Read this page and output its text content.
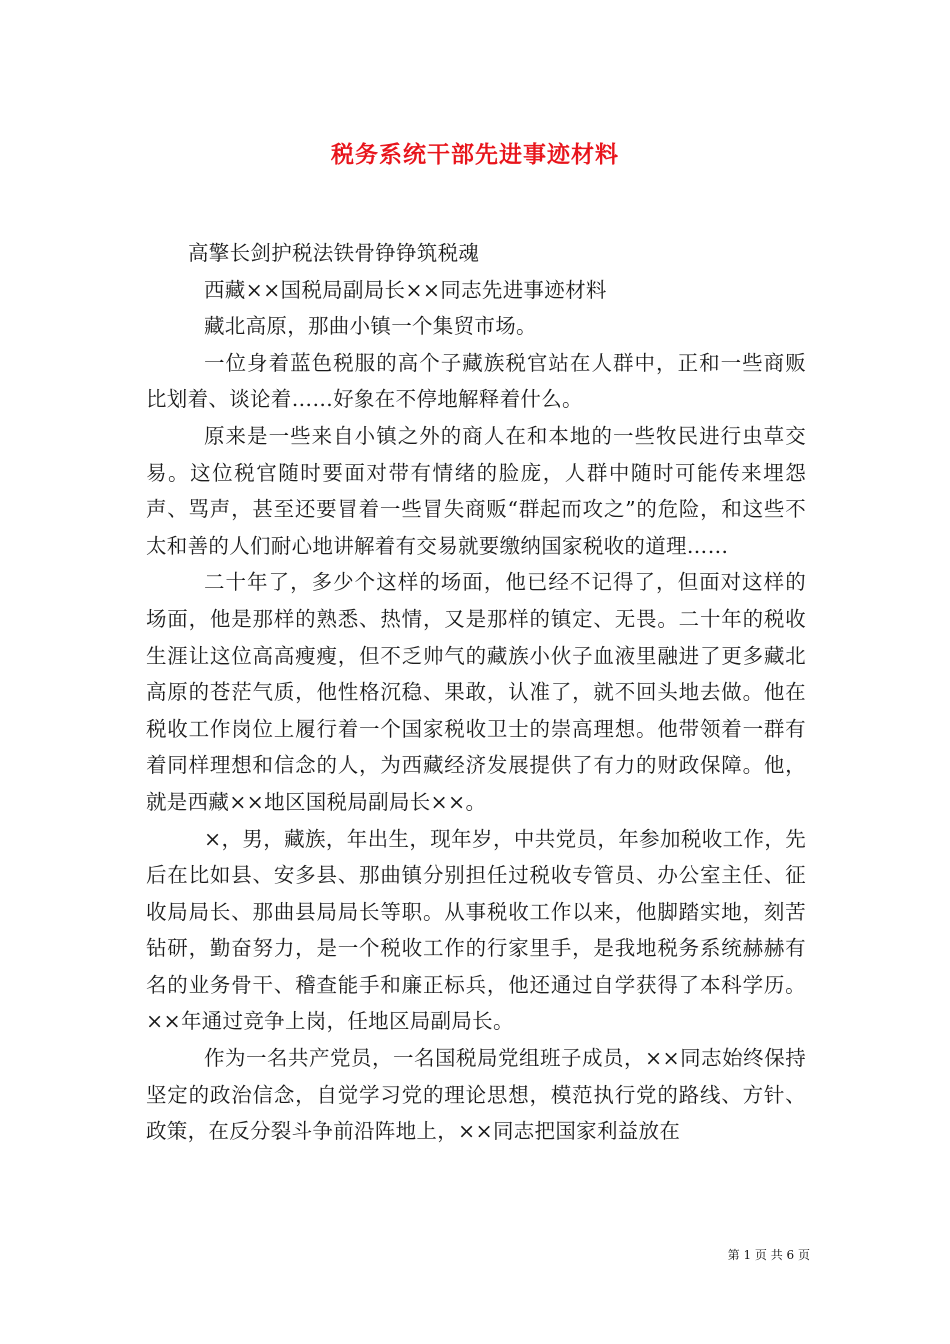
税务系统干部先进事迹材料

高擎长剑护税法铁骨铮铮筑税魂

西藏××国税局副局长××同志先进事迹材料

藏北高原，那曲小镇一个集贸市场。

一位身着蓝色税服的高个子藏族税官站在人群中，正和一些商贩比划着、谈论着……好象在不停地解释着什么。

原来是一些来自小镇之外的商人在和本地的一些牧民进行虫草交易。这位税官随时要面对带有情绪的脸庞，人群中随时可能传来埋怨声、骂声，甚至还要冒着一些冒失商贩“群起而攻之”的危险，和这些不太和善的人们耐心地讲解着有交易就要缴纳国家税收的道理……

二十年了，多少个这样的场面，他已经不记得了，但面对这样的场面，他是那样的熟悉、热情，又是那样的镇定、无畏。二十年的税收生涯让这位高高瘦瘦，但不乏帅气的藏族小伙子血液里融进了更多藏北高原的苍茫气质，他性格沉稳、果敢，认准了，就不回头地去做。他在税收工作岗位上履行着一个国家税收卫士的崇高理想。他带领着一群有着同样理想和信念的人，为西藏经济发展提供了有力的财政保障。他，就是西藏××地区国税局副局长××。

×，男，藏族，年出生，现年岁，中共党员，年参加税收工作，先后在比如县、安多县、那曲镇分别担任过税收专管员、办公室主任、征收局局长、那曲县局局长等职。从事税收工作以来，他脚踏实地，刻苦钻研，勤奋努力，是一个税收工作的行家里手，是我地税务系统赫赫有名的业务骨干、稽查能手和廉正标兵，他还通过自学获得了本科学历。××年通过竞争上岗，任地区局副局长。

作为一名共产党员，一名国税局党组班子成员，××同志始终保持坚定的政治信念，自觉学习党的理论思想，模范执行党的路线、方针、政策，在反分裂斗争前沿阵地上，××同志把国家利益放在

第 1 页 共 6 页
